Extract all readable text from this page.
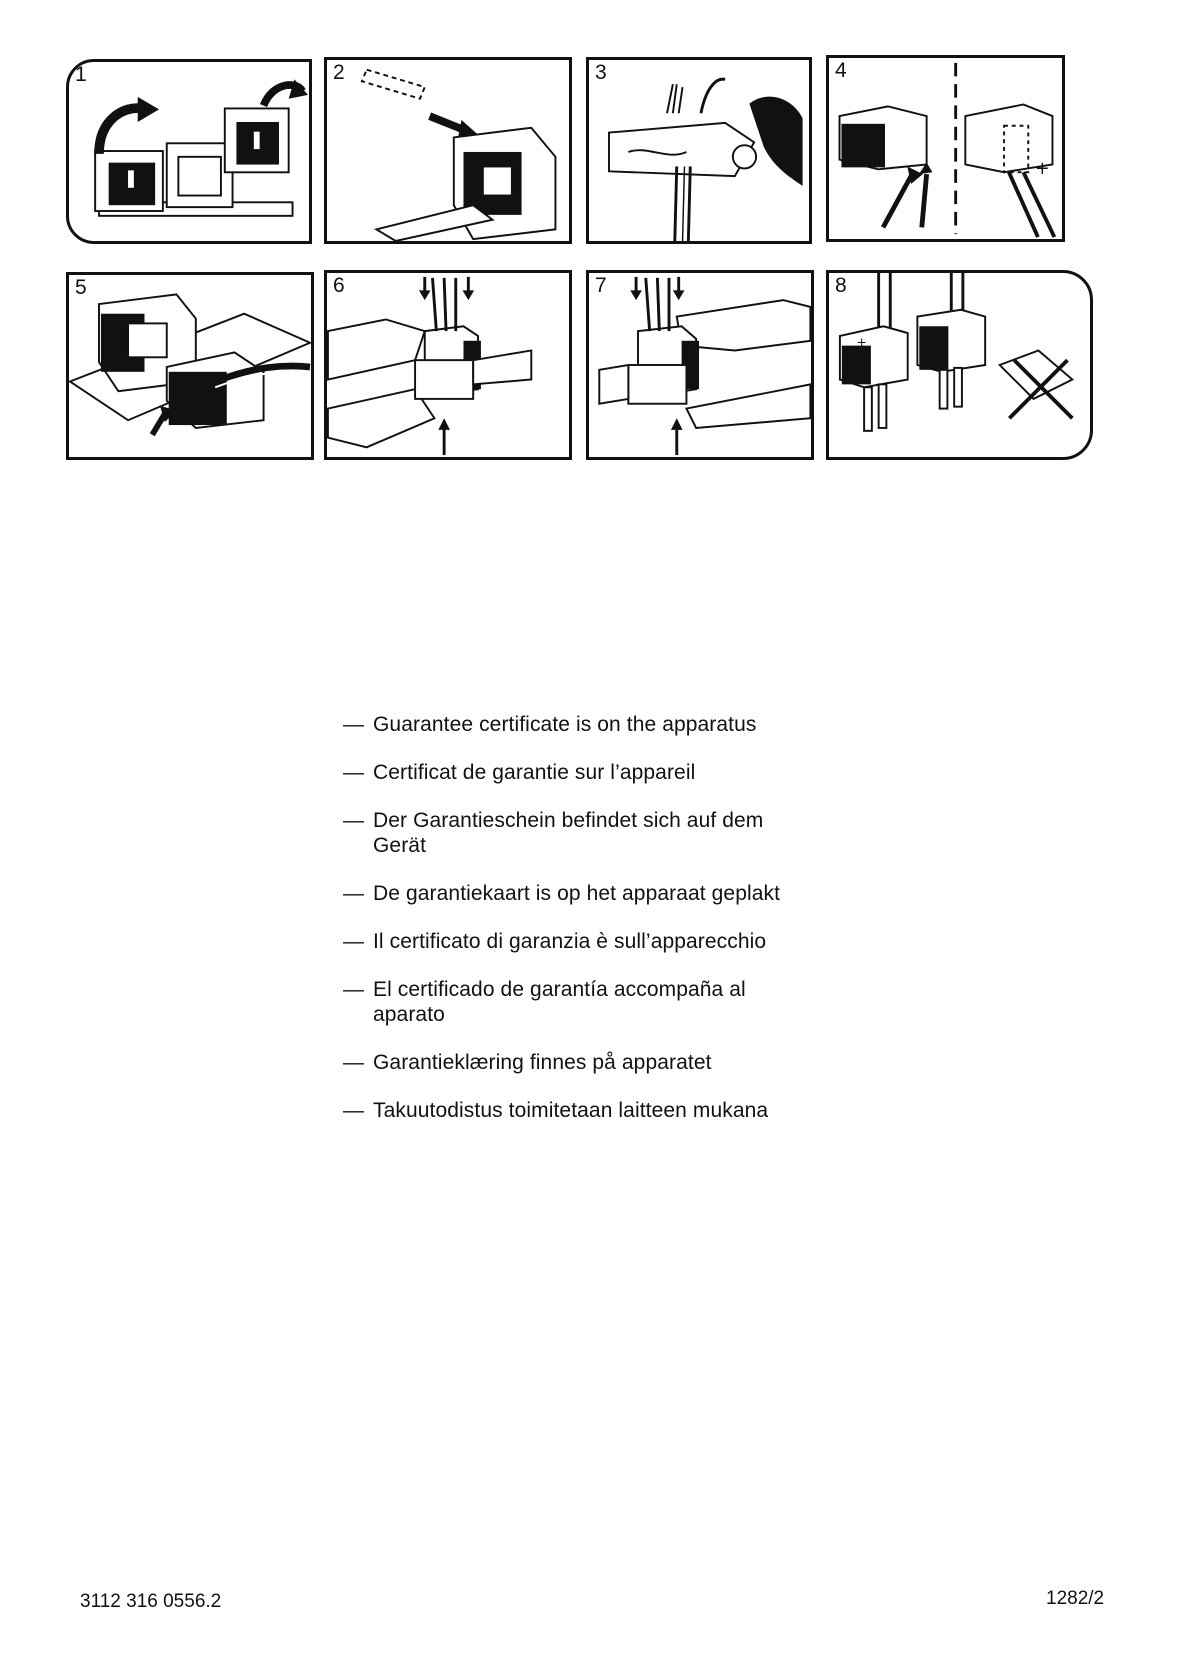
1	2	3	4
+
5	6	7	8
+
— Guarantee certificate is on the apparatus
— Certificat de garantie sur l’appareil
— Der Garantieschein befindet sich auf dem Gerät
— De garantiekaart is op het apparaat geplakt
— Il certificato di garanzia è sull’apparecchio
— El certificado de garantía accompaña al aparato
— Garantieklæring finnes på apparatet
— Takuutodistus toimitetaan laitteen mukana
3112 316 0556.2	1282/2
